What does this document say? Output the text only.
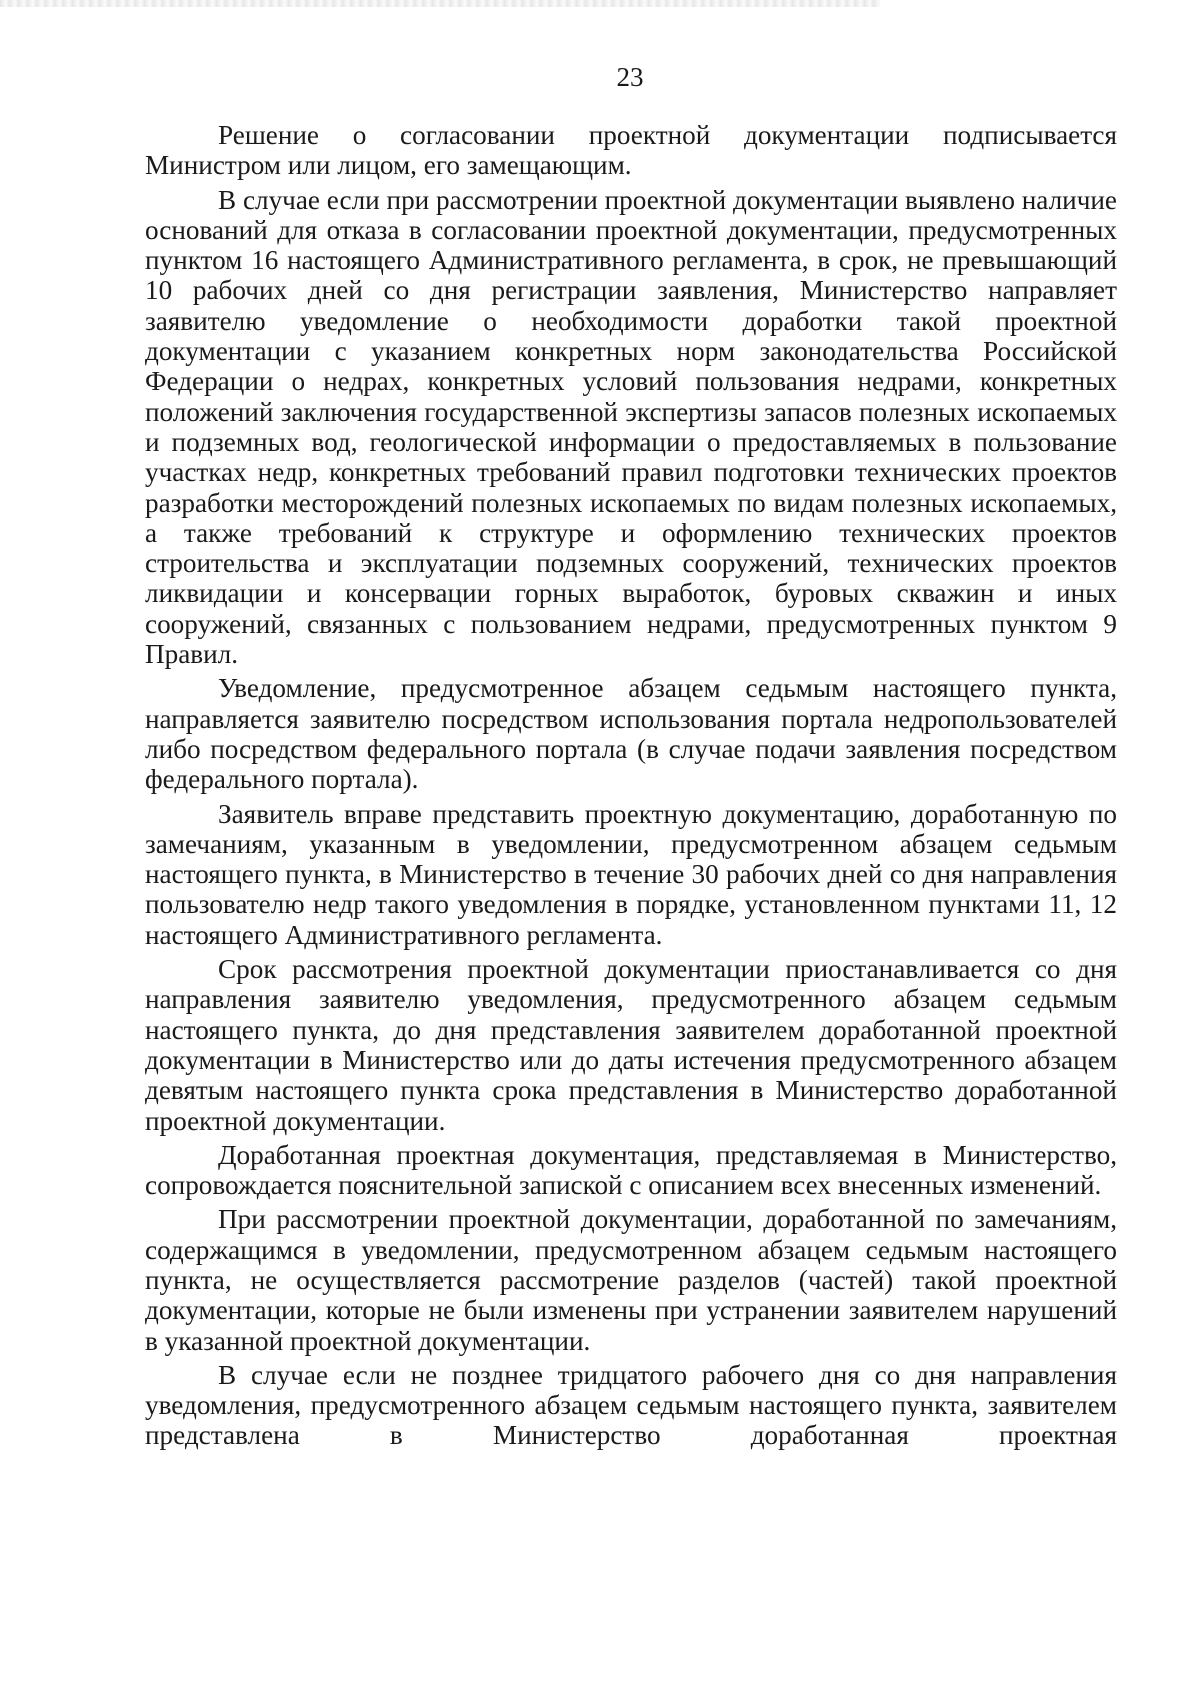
23

Решение о согласовании проектной документации подписывается Министром или лицом, его замещающим.

В случае если при рассмотрении проектной документации выявлено наличие оснований для отказа в согласовании проектной документации, предусмотренных пунктом 16 настоящего Административного регламента, в срок, не превышающий 10 рабочих дней со дня регистрации заявления, Министерство направляет заявителю уведомление о необходимости доработки такой проектной документации с указанием конкретных норм законодательства Российской Федерации о недрах, конкретных условий пользования недрами, конкретных положений заключения государственной экспертизы запасов полезных ископаемых и подземных вод, геологической информации о предоставляемых в пользование участках недр, конкретных требований правил подготовки технических проектов разработки месторождений полезных ископаемых по видам полезных ископаемых, а также требований к структуре и оформлению технических проектов строительства и эксплуатации подземных сооружений, технических проектов ликвидации и консервации горных выработок, буровых скважин и иных сооружений, связанных с пользованием недрами, предусмотренных пунктом 9 Правил.

Уведомление, предусмотренное абзацем седьмым настоящего пункта, направляется заявителю посредством использования портала недропользователей либо посредством федерального портала (в случае подачи заявления посредством федерального портала).

Заявитель вправе представить проектную документацию, доработанную по замечаниям, указанным в уведомлении, предусмотренном абзацем седьмым настоящего пункта, в Министерство в течение 30 рабочих дней со дня направления пользователю недр такого уведомления в порядке, установленном пунктами 11, 12 настоящего Административного регламента.

Срок рассмотрения проектной документации приостанавливается со дня направления заявителю уведомления, предусмотренного абзацем седьмым настоящего пункта, до дня представления заявителем доработанной проектной документации в Министерство или до даты истечения предусмотренного абзацем девятым настоящего пункта срока представления в Министерство доработанной проектной документации.

Доработанная проектная документация, представляемая в Министерство, сопровождается пояснительной запиской с описанием всех внесенных изменений.

При рассмотрении проектной документации, доработанной по замечаниям, содержащимся в уведомлении, предусмотренном абзацем седьмым настоящего пункта, не осуществляется рассмотрение разделов (частей) такой проектной документации, которые не были изменены при устранении заявителем нарушений в указанной проектной документации.

В случае если не позднее тридцатого рабочего дня со дня направления уведомления, предусмотренного абзацем седьмым настоящего пункта, заявителем представлена в Министерство доработанная проектная
